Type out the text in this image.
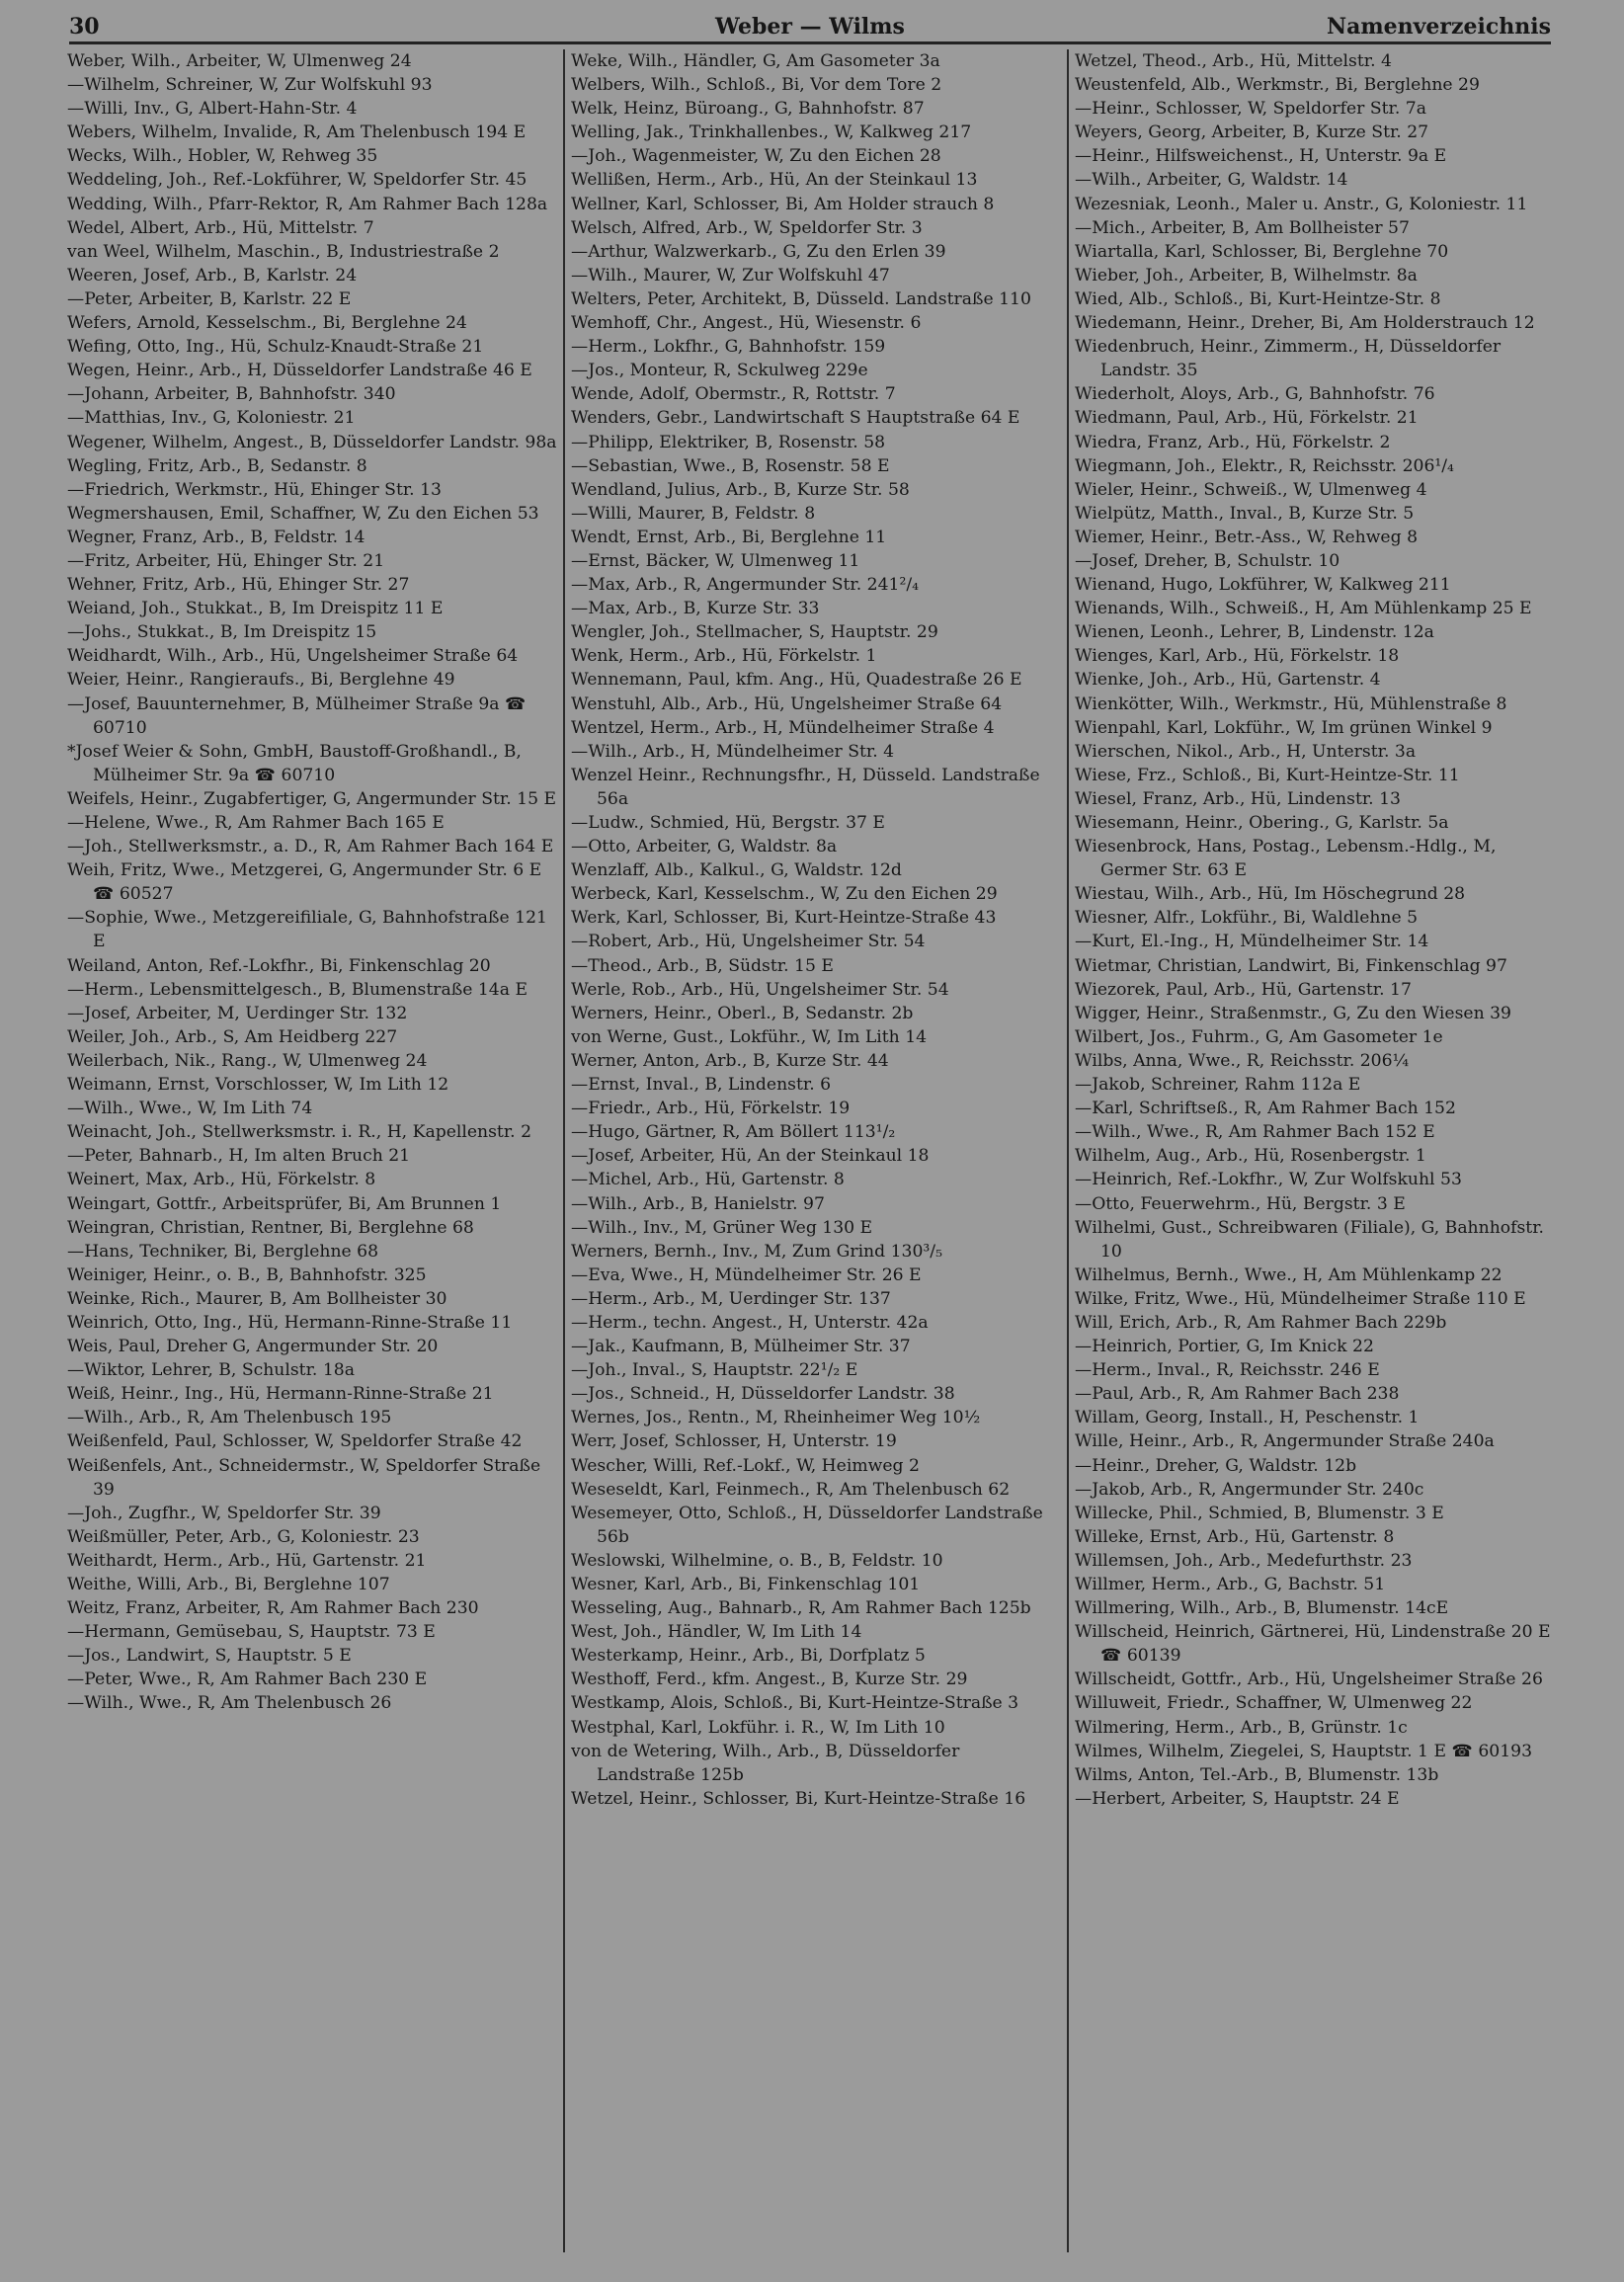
30	Weber — Wilms	Namenverzeichnis

Weber, Wilh., Arbeiter, W, Ulmenweg 24

—Wilhelm, Schreiner, W, Zur Wolfskuhl 93

—Willi, Inv., G, Albert-Hahn-Str. 4

Webers, Wilhelm, Invalide, R, Am Thelenbusch 194 E

Wecks, Wilh., Hobler, W, Rehweg 35

Weddeling, Joh., Ref.-Lokführer, W, Speldorfer Str. 45

Wedding, Wilh., Pfarr-Rektor, R, Am Rahmer Bach 128a

Wedel, Albert, Arb., Hü, Mittelstr. 7

van Weel, Wilhelm, Maschin., B, Industriestraße 2

Weeren, Josef, Arb., B, Karlstr. 24

—Peter, Arbeiter, B, Karlstr. 22 E

Wefers, Arnold, Kesselschm., Bi, Berglehne 24

Wefing, Otto, Ing., Hü, Schulz-Knaudt-Straße 21

Wegen, Heinr., Arb., H, Düsseldorfer Landstraße 46 E

—Johann, Arbeiter, B, Bahnhofstr. 340

—Matthias, Inv., G, Koloniestr. 21

Wegener, Wilhelm, Angest., B, Düsseldorfer Landstr. 98a

Wegling, Fritz, Arb., B, Sedanstr. 8

—Friedrich, Werkmstr., Hü, Ehinger Str. 13

Wegmershausen, Emil, Schaffner, W, Zu den Eichen 53

Wegner, Franz, Arb., B, Feldstr. 14

—Fritz, Arbeiter, Hü, Ehinger Str. 21

Wehner, Fritz, Arb., Hü, Ehinger Str. 27

Weiand, Joh., Stukkat., B, Im Dreispitz 11 E

—Johs., Stukkat., B, Im Dreispitz 15

Weidhardt, Wilh., Arb., Hü, Ungelsheimer Straße 64

Weier, Heinr., Rangieraufs., Bi, Berglehne 49

—Josef, Bauunternehmer, B, Mülheimer Straße 9a ☎ 60710

*Josef Weier & Sohn, GmbH, Baustoff-Großhandl., B, Mülheimer Str. 9a ☎ 60710

Weifels, Heinr., Zugabfertiger, G, Angermunder Str. 15 E

—Helene, Wwe., R, Am Rahmer Bach 165 E

—Joh., Stellwerksmstr., a. D., R, Am Rahmer Bach 164 E

Weih, Fritz, Wwe., Metzgerei, G, Angermunder Str. 6 E ☎ 60527

—Sophie, Wwe., Metzgereifiliale, G, Bahnhofstraße 121 E

Weiland, Anton, Ref.-Lokfhr., Bi, Finkenschlag 20

—Herm., Lebensmittelgesch., B, Blumenstraße 14a E

—Josef, Arbeiter, M, Uerdinger Str. 132

Weiler, Joh., Arb., S, Am Heidberg 227

Weilerbach, Nik., Rang., W, Ulmenweg 24

Weimann, Ernst, Vorschlosser, W, Im Lith 12

—Wilh., Wwe., W, Im Lith 74

Weinacht, Joh., Stellwerksmstr. i. R., H, Kapellenstr. 2

—Peter, Bahnarb., H, Im alten Bruch 21

Weinert, Max, Arb., Hü, Förkelstr. 8

Weingart, Gottfr., Arbeitsprüfer, Bi, Am Brunnen 1

Weingran, Christian, Rentner, Bi, Berglehne 68

—Hans, Techniker, Bi, Berglehne 68

Weiniger, Heinr., o. B., B, Bahnhofstr. 325

Weinke, Rich., Maurer, B, Am Bollheister 30

Weinrich, Otto, Ing., Hü, Hermann-Rinne-Straße 11

Weis, Paul, Dreher G, Angermunder Str. 20

—Wiktor, Lehrer, B, Schulstr. 18a

Weiß, Heinr., Ing., Hü, Hermann-Rinne-Straße 21

—Wilh., Arb., R, Am Thelenbusch 195

Weißenfeld, Paul, Schlosser, W, Speldorfer Straße 42

Weißenfels, Ant., Schneidermstr., W, Speldorfer Straße 39

—Joh., Zugfhr., W, Speldorfer Str. 39

Weißmüller, Peter, Arb., G, Koloniestr. 23

Weithardt, Herm., Arb., Hü, Gartenstr. 21

Weithe, Willi, Arb., Bi, Berglehne 107

Weitz, Franz, Arbeiter, R, Am Rahmer Bach 230

—Hermann, Gemüsebau, S, Hauptstr. 73 E

—Jos., Landwirt, S, Hauptstr. 5 E

—Peter, Wwe., R, Am Rahmer Bach 230 E

—Wilh., Wwe., R, Am Thelenbusch 26

Weke, Wilh., Händler, G, Am Gasometer 3a

Welbers, Wilh., Schloß., Bi, Vor dem Tore 2

Welk, Heinz, Büroang., G, Bahnhofstr. 87

Welling, Jak., Trinkhallenbes., W, Kalkweg 217

—Joh., Wagenmeister, W, Zu den Eichen 28

Wellißen, Herm., Arb., Hü, An der Steinkaul 13

Wellner, Karl, Schlosser, Bi, Am Holder strauch 8

Welsch, Alfred, Arb., W, Speldorfer Str. 3

—Arthur, Walzwerkarb., G, Zu den Erlen 39

—Wilh., Maurer, W, Zur Wolfskuhl 47

Welters, Peter, Architekt, B, Düsseld. Landstraße 110

Wemhoff, Chr., Angest., Hü, Wiesenstr. 6

—Herm., Lokfhr., G, Bahnhofstr. 159

—Jos., Monteur, R, Sckulweg 229e

Wende, Adolf, Obermstr., R, Rottstr. 7

Wenders, Gebr., Landwirtschaft S Hauptstraße 64 E

—Philipp, Elektriker, B, Rosenstr. 58

—Sebastian, Wwe., B, Rosenstr. 58 E

Wendland, Julius, Arb., B, Kurze Str. 58

—Willi, Maurer, B, Feldstr. 8

Wendt, Ernst, Arb., Bi, Berglehne 11

—Ernst, Bäcker, W, Ulmenweg 11

—Max, Arb., R, Angermunder Str. 241²/₄

—Max, Arb., B, Kurze Str. 33

Wengler, Joh., Stellmacher, S, Hauptstr. 29

Wenk, Herm., Arb., Hü, Förkelstr. 1

Wennemann, Paul, kfm. Ang., Hü, Quadestraße 26 E

Wenstuhl, Alb., Arb., Hü, Ungelsheimer Straße 64

Wentzel, Herm., Arb., H, Mündelheimer Straße 4

—Wilh., Arb., H, Mündelheimer Str. 4

Wenzel Heinr., Rechnungsfhr., H, Düsseld. Landstraße 56a

—Ludw., Schmied, Hü, Bergstr. 37 E

—Otto, Arbeiter, G, Waldstr. 8a

Wenzlaff, Alb., Kalkul., G, Waldstr. 12d

Werbeck, Karl, Kesselschm., W, Zu den Eichen 29

Werk, Karl, Schlosser, Bi, Kurt-Heintze-Straße 43

—Robert, Arb., Hü, Ungelsheimer Str. 54

—Theod., Arb., B, Südstr. 15 E

Werle, Rob., Arb., Hü, Ungelsheimer Str. 54

Werners, Heinr., Oberl., B, Sedanstr. 2b

von Werne, Gust., Lokführ., W, Im Lith 14

Werner, Anton, Arb., B, Kurze Str. 44

—Ernst, Inval., B, Lindenstr. 6

—Friedr., Arb., Hü, Förkelstr. 19

—Hugo, Gärtner, R, Am Böllert 113¹/₂

—Josef, Arbeiter, Hü, An der Steinkaul 18

—Michel, Arb., Hü, Gartenstr. 8

—Wilh., Arb., B, Hanielstr. 97

—Wilh., Inv., M, Grüner Weg 130 E

Werners, Bernh., Inv., M, Zum Grind 130³/₅

—Eva, Wwe., H, Mündelheimer Str. 26 E

—Herm., Arb., M, Uerdinger Str. 137

—Herm., techn. Angest., H, Unterstr. 42a

—Jak., Kaufmann, B, Mülheimer Str. 37

—Joh., Inval., S, Hauptstr. 22¹/₂ E

—Jos., Schneid., H, Düsseldorfer Landstr. 38

Wernes, Jos., Rentn., M, Rheinheimer Weg 10½

Werr, Josef, Schlosser, H, Unterstr. 19

Wescher, Willi, Ref.-Lokf., W, Heimweg 2

Weseseldt, Karl, Feinmech., R, Am Thelenbusch 62

Wesemeyer, Otto, Schloß., H, Düsseldorfer Landstraße 56b

Weslowski, Wilhelmine, o. B., B, Feldstr. 10

Wesner, Karl, Arb., Bi, Finkenschlag 101

Wesseling, Aug., Bahnarb., R, Am Rahmer Bach 125b

West, Joh., Händler, W, Im Lith 14

Westerkamp, Heinr., Arb., Bi, Dorfplatz 5

Westhoff, Ferd., kfm. Angest., B, Kurze Str. 29

Westkamp, Alois, Schloß., Bi, Kurt-Heintze-Straße 3

Westphal, Karl, Lokführ. i. R., W, Im Lith 10

von de Wetering, Wilh., Arb., B, Düsseldorfer Landstraße 125b

Wetzel, Heinr., Schlosser, Bi, Kurt-Heintze-Straße 16

Wetzel, Theod., Arb., Hü, Mittelstr. 4

Weustenfeld, Alb., Werkmstr., Bi, Berglehne 29

—Heinr., Schlosser, W, Speldorfer Str. 7a

Weyers, Georg, Arbeiter, B, Kurze Str. 27

—Heinr., Hilfsweichenst., H, Unterstr. 9a E

—Wilh., Arbeiter, G, Waldstr. 14

Wezesniak, Leonh., Maler u. Anstr., G, Koloniestr. 11

—Mich., Arbeiter, B, Am Bollheister 57

Wiartalla, Karl, Schlosser, Bi, Berglehne 70

Wieber, Joh., Arbeiter, B, Wilhelmstr. 8a

Wied, Alb., Schloß., Bi, Kurt-Heintze-Str. 8

Wiedemann, Heinr., Dreher, Bi, Am Holderstrauch 12

Wiedenbruch, Heinr., Zimmerm., H, Düsseldorfer Landstr. 35

Wiederholt, Aloys, Arb., G, Bahnhofstr. 76

Wiedmann, Paul, Arb., Hü, Förkelstr. 21

Wiedra, Franz, Arb., Hü, Förkelstr. 2

Wiegmann, Joh., Elektr., R, Reichsstr. 206¹/₄

Wieler, Heinr., Schweiß., W, Ulmenweg 4

Wielpütz, Matth., Inval., B, Kurze Str. 5

Wiemer, Heinr., Betr.-Ass., W, Rehweg 8

—Josef, Dreher, B, Schulstr. 10

Wienand, Hugo, Lokführer, W, Kalkweg 211

Wienands, Wilh., Schweiß., H, Am Mühlenkamp 25 E

Wienen, Leonh., Lehrer, B, Lindenstr. 12a

Wienges, Karl, Arb., Hü, Förkelstr. 18

Wienke, Joh., Arb., Hü, Gartenstr. 4

Wienkötter, Wilh., Werkmstr., Hü, Mühlenstraße 8

Wienpahl, Karl, Lokführ., W, Im grünen Winkel 9

Wierschen, Nikol., Arb., H, Unterstr. 3a

Wiese, Frz., Schloß., Bi, Kurt-Heintze-Str. 11

Wiesel, Franz, Arb., Hü, Lindenstr. 13

Wiesemann, Heinr., Obering., G, Karlstr. 5a

Wiesenbrock, Hans, Postag., Lebensm.-Hdlg., M, Germer Str. 63 E

Wiestau, Wilh., Arb., Hü, Im Höschegrund 28

Wiesner, Alfr., Lokführ., Bi, Waldlehne 5

—Kurt, El.-Ing., H, Mündelheimer Str. 14

Wietmar, Christian, Landwirt, Bi, Finkenschlag 97

Wiezorek, Paul, Arb., Hü, Gartenstr. 17

Wigger, Heinr., Straßenmstr., G, Zu den Wiesen 39

Wilbert, Jos., Fuhrm., G, Am Gasometer 1e

Wilbs, Anna, Wwe., R, Reichsstr. 206¼

—Jakob, Schreiner, Rahm 112a E

—Karl, Schriftseß., R, Am Rahmer Bach 152

—Wilh., Wwe., R, Am Rahmer Bach 152 E

Wilhelm, Aug., Arb., Hü, Rosenbergstr. 1

—Heinrich, Ref.-Lokfhr., W, Zur Wolfskuhl 53

—Otto, Feuerwehrm., Hü, Bergstr. 3 E

Wilhelmi, Gust., Schreibwaren (Filiale), G, Bahnhofstr. 10

Wilhelmus, Bernh., Wwe., H, Am Mühlenkamp 22

Wilke, Fritz, Wwe., Hü, Mündelheimer Straße 110 E

Will, Erich, Arb., R, Am Rahmer Bach 229b

—Heinrich, Portier, G, Im Knick 22

—Herm., Inval., R, Reichsstr. 246 E

—Paul, Arb., R, Am Rahmer Bach 238

Willam, Georg, Install., H, Peschenstr. 1

Wille, Heinr., Arb., R, Angermunder Straße 240a

—Heinr., Dreher, G, Waldstr. 12b

—Jakob, Arb., R, Angermunder Str. 240c

Willecke, Phil., Schmied, B, Blumenstr. 3 E

Willeke, Ernst, Arb., Hü, Gartenstr. 8

Willemsen, Joh., Arb., Medefurthstr. 23

Willmer, Herm., Arb., G, Bachstr. 51

Willmering, Wilh., Arb., B, Blumenstr. 14cE

Willscheid, Heinrich, Gärtnerei, Hü, Lindenstraße 20 E ☎ 60139

Willscheidt, Gottfr., Arb., Hü, Ungelsheimer Straße 26

Willuweit, Friedr., Schaffner, W, Ulmenweg 22

Wilmering, Herm., Arb., B, Grünstr. 1c

Wilmes, Wilhelm, Ziegelei, S, Hauptstr. 1 E ☎ 60193

Wilms, Anton, Tel.-Arb., B, Blumenstr. 13b

—Herbert, Arbeiter, S, Hauptstr. 24 E
